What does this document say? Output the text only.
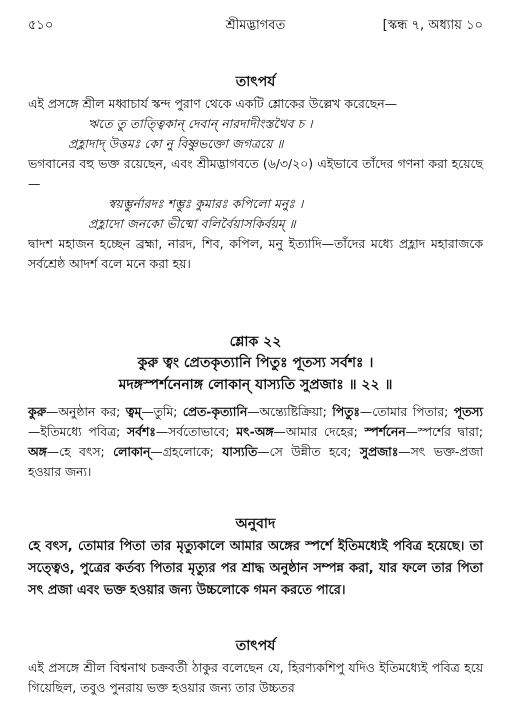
৫১০	শ্রীমদ্ভাগবত	[স্কন্ধ ৭, অধ্যায় ১০
তাৎপর্য
এই প্রসঙ্গে শ্রীল মধ্বাচার্য স্কন্দ পুরাণ থেকে একটি শ্লোকের উল্লেখ করেছেন—
ঋতে তু তাত্ত্বিকান্ দেবান্ নারদাদীংস্তথৈব চ ।
প্রহ্লাদাদ্ উত্তমঃ কো নু বিষ্ণুভক্তো জগত্রয়ে ॥
ভগবানের বহু ভক্ত রয়েছেন, এবং শ্রীমদ্ভাগবতে (৬/৩/২০) এইভাবে তাঁদের গণনা করা হয়েছে—
স্বয়ম্ভুর্নারদঃ শম্ভুঃ কুমারঃ কপিলো মনুঃ ।
প্রহ্লাদো জনকো ভীষ্মো বলির্বৈয়াসকির্বয়ম্ ॥
দ্বাদশ মহাজন হচ্ছেন ব্রহ্মা, নারদ, শিব, কপিল, মনু ইত্যাদি—তাঁদের মধ্যে প্রহ্লাদ মহারাজকে সর্বশ্রেষ্ঠ আদর্শ বলে মনে করা হয়।
শ্লোক ২২
কুরু ত্বং প্রেতকৃত্যানি পিতুঃ পূতস্য সর্বশঃ ।
মদঙ্গস্পর্শনেনাঙ্গ লোকান্ যাস্যতি সুপ্রজাঃ ॥ ২২ ॥
কুরু—অনুষ্ঠান কর; ত্বম্—তুমি; প্রেত-কৃত্যানি—অন্ত্যেষ্টিক্রিয়া; পিতুঃ—তোমার পিতার; পূতস্য—ইতিমধ্যে পবিত্র; সর্বশঃ—সর্বতোভাবে; মৎ-অঙ্গ—আমার দেহের; স্পর্শনেন—স্পর্শের দ্বারা; অঙ্গ—হে বৎস; লোকান্—গ্রহলোকে; যাস্যতি—সে উন্নীত হবে; সুপ্রজাঃ—সৎ ভক্ত-প্রজা হওয়ার জন্য।
অনুবাদ
হে বৎস, তোমার পিতা তার মৃত্যুকালে আমার অঙ্গের স্পর্শে ইতিমধ্যেই পবিত্র হয়েছে। তা সত্ত্বেও, পুত্রের কর্তব্য পিতার মৃত্যুর পর শ্রাদ্ধ অনুষ্ঠান সম্পন্ন করা, যার ফলে তার পিতা সৎ প্রজা এবং ভক্ত হওয়ার জন্য উচ্চলোকে গমন করতে পারে।
তাৎপর্য
এই প্রসঙ্গে শ্রীল বিশ্বনাথ চক্রবর্তী ঠাকুর বলেছেন যে, হিরণ্যকশিপু যদিও ইতিমধ্যেই পবিত্র হয়ে গিয়েছিল, তবুও পুনরায় ভক্ত হওয়ার জন্য তার উচ্চতর
